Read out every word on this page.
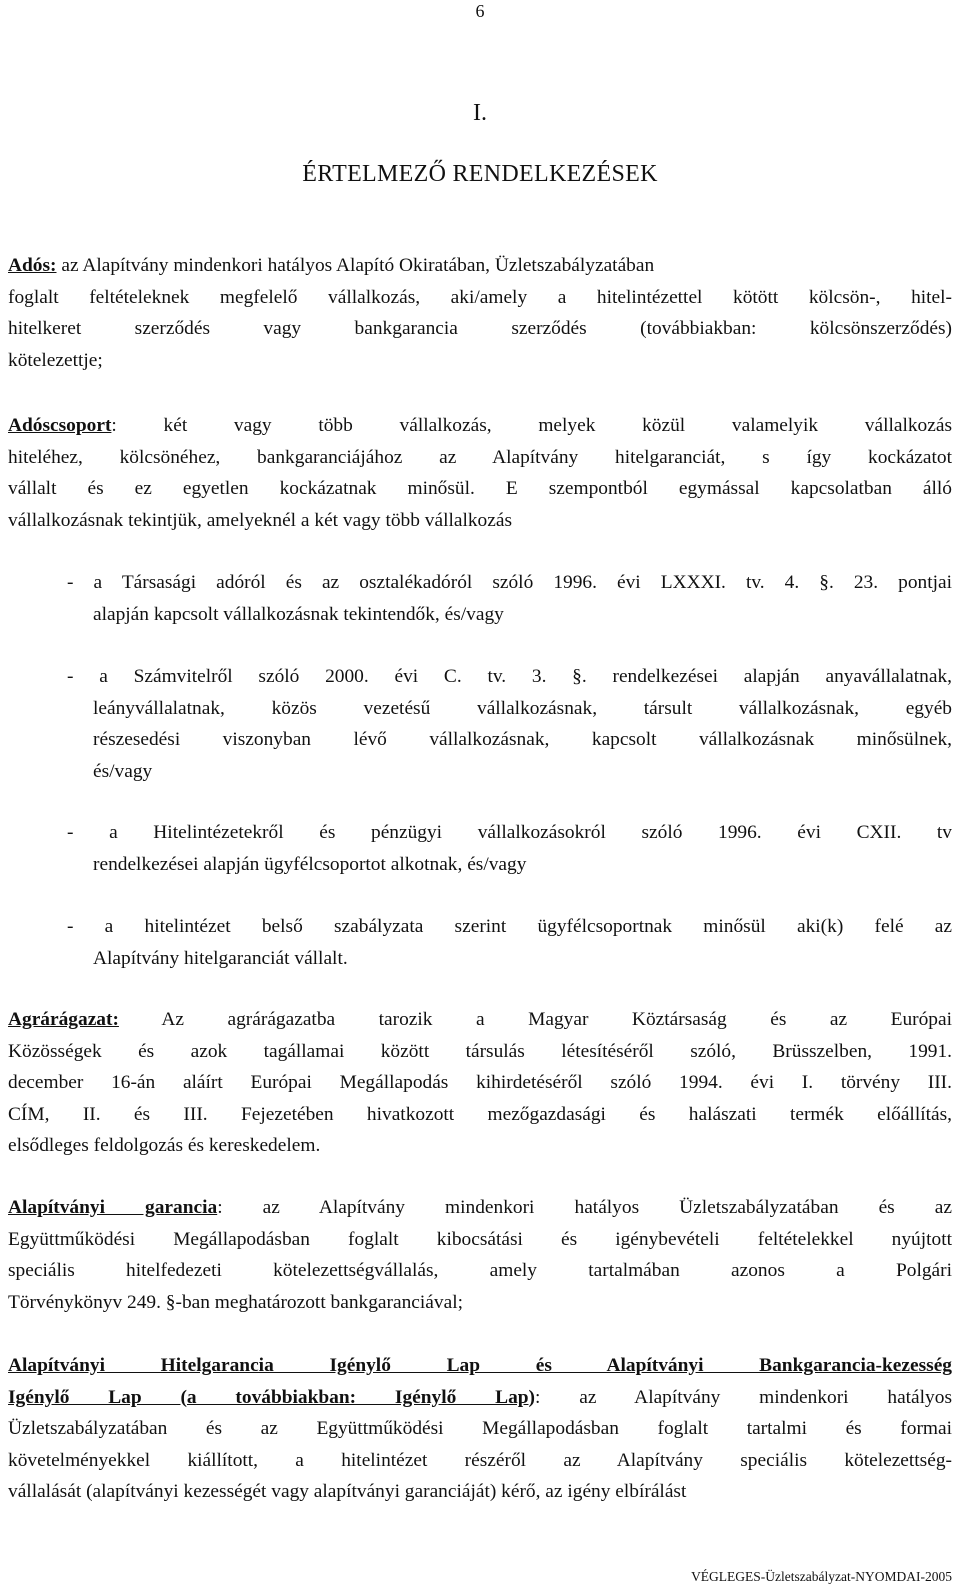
6
I.
ÉRTELMEZŐ RENDELKEZÉSEK
Adós: az Alapítvány mindenkori hatályos Alapító Okiratában, Üzletszabályzatában
foglalt feltételeknek megfelelő vállalkozás, aki/amely a hitelintézettel kötött kölcsön-, hitel-
hitelkeret szerződés vagy bankgarancia szerződés (továbbiakban: kölcsönszerződés)
kötelezettje;
Adóscsoport: két vagy több vállalkozás, melyek közül valamelyik vállalkozás
hiteléhez, kölcsönéhez, bankgaranciájához az Alapítvány hitelgaranciát, s így kockázatot
vállalt és ez egyetlen kockázatnak minősül. E szempontból egymással kapcsolatban álló
vállalkozásnak tekintjük, amelyeknél a két vagy több vállalkozás
- a Társasági adóról és az osztalékadóról szóló 1996. évi LXXXI. tv. 4. §. 23. pontjai
alapján kapcsolt vállalkozásnak tekintendők, és/vagy
- a Számvitelről szóló 2000. évi C. tv. 3. §. rendelkezései alapján anyavállalatnak,
leányvállalatnak, közös vezetésű vállalkozásnak, társult vállalkozásnak, egyéb
részesedési viszonyban lévő vállalkozásnak, kapcsolt vállalkozásnak minősülnek,
és/vagy
- a Hitelintézetekről és pénzügyi vállalkozásokról szóló 1996. évi CXII. tv
rendelkezései alapján ügyfélcsoportot alkotnak, és/vagy
- a hitelintézet belső szabályzata szerint ügyfélcsoportnak minősül aki(k) felé az
Alapítvány hitelgaranciát vállalt.
Agrárágazat: Az agrárágazatba tarozik a Magyar Köztársaság és az Európai
Közösségek és azok tagállamai között társulás létesítéséről szóló, Brüsszelben, 1991.
december 16-án aláírt Európai Megállapodás kihirdetéséről szóló 1994. évi I. törvény III.
CÍM, II. és III. Fejezetében hivatkozott mezőgazdasági és halászati termék előállítás,
elsődleges feldolgozás és kereskedelem.
Alapítványi garancia: az Alapítvány mindenkori hatályos Üzletszabályzatában és az
Együttműködési Megállapodásban foglalt kibocsátási és igénybevételi feltételekkel nyújtott
speciális hitelfedezeti kötelezettségvállalás, amely tartalmában azonos a Polgári
Törvénykönyv 249. §-ban meghatározott bankgaranciával;
Alapítványi Hitelgarancia Igénylő Lap és Alapítványi Bankgarancia-kezesség
Igénylő Lap (a továbbiakban: Igénylő Lap): az Alapítvány mindenkori hatályos
Üzletszabályzatában és az Együttműködési Megállapodásban foglalt tartalmi és formai
követelményekkel kiállított, a hitelintézet részéről az Alapítvány speciális kötelezettség-
vállalását (alapítványi kezességét vagy alapítványi garanciáját) kérő, az igény elbírálást
VÉGLEGES-Üzletszabályzat-NYOMDAI-2005
